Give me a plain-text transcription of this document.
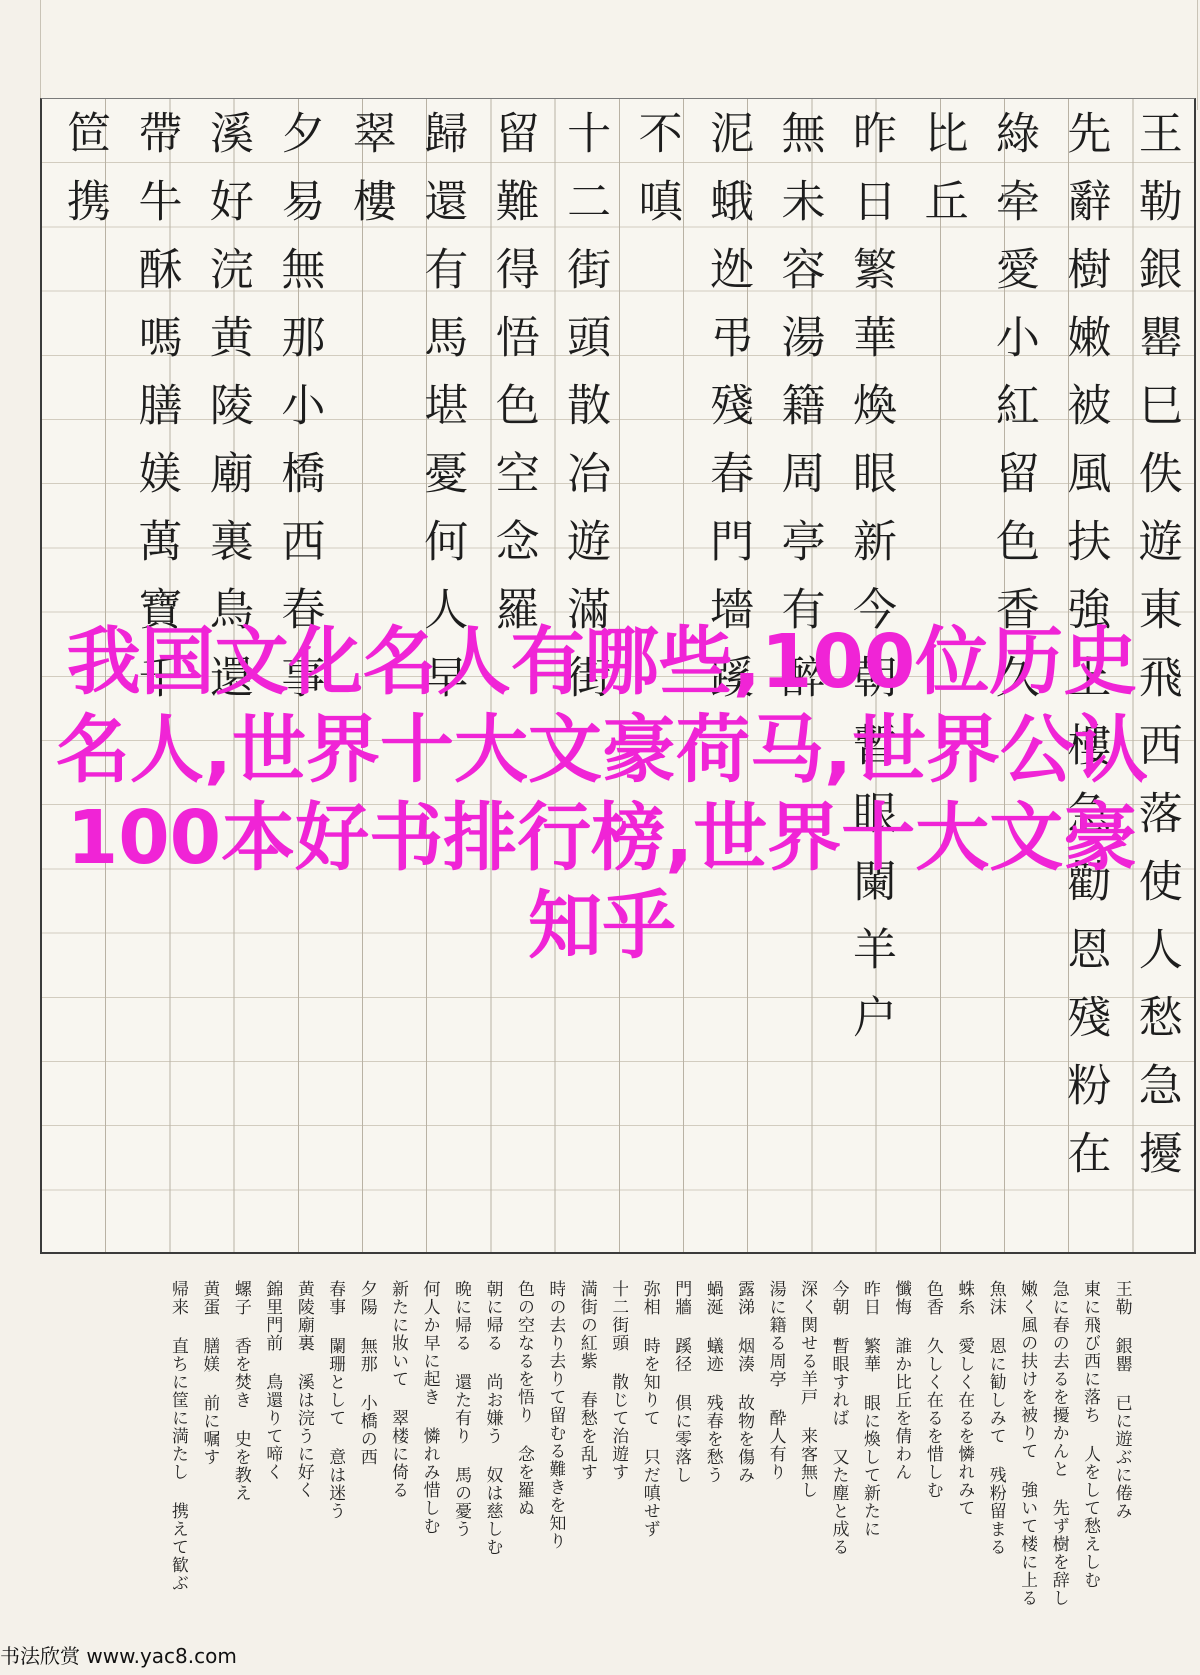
王勒銀罌巳佚遊東飛西落使人愁急擾
先辭樹嫩被風扶強上樓急勸恩殘粉在
綠牵愛小紅留色香久
比丘
昨日繁華煥眼新今朝暫眼闌羊户
無未容湯籍周亭有醉
泥蛾迯弔殘春門墻蹊
不嗔
十二街頭散冶遊滿街
留難得悟色空念羅
歸還有馬堪憂何人早
翠樓
夕易無那小橋西春事
溪好浣黄陵廟裏鳥還
帶牛酥嗎膳媄萬寶千
笸携
我国文化名人有哪些,100位历史名人,世界十大文豪荷马,世界公认100本好书排行榜,世界十大文豪 知乎
王勒 銀罌 已に遊ぶに倦み
東に飛び西に落ち 人をして愁えしむ
急に春の去るを擾かんと 先ず樹を辞し
嫩く風の扶けを被りて 強いて楼に上る
魚沫 恩に勧しみて 残粉留まる
蛛糸 愛しく在るを憐れみて
色香 久しく在るを惜しむ
懺悔 誰か比丘を倩わん
昨日 繁華 眼に煥して新たに
今朝 暫眼すれば 又た塵と成る
深く関せる羊戸 来客無し
湯に籍る周亭 酔人有り
露涕 烟湊 故物を傷み
蝸涎 蟻迹 残春を愁う
門牆 蹊径 倶に零落し
弥相 時を知りて 只だ嗔せず
十二街頭 散じて治遊す
満街の紅紫 春愁を乱す
時の去り去りて留むる難きを知り
色の空なるを悟り 念を羅ぬ
朝に帰る 尚お嫌う 奴は慈しむ
晩に帰る 還た有り 馬の憂う
何人か早に起き 憐れみ惜しむ
新たに妝いて 翠楼に倚る
夕陽 無那 小橋の西
春事 闌珊として 意は迷う
黄陵廟裏 溪は浣うに好く
錦里門前 鳥還りて啼く
螺子 香を焚き 史を教え
黄蛋 膳媄 前に嘱す
帰来 直ちに筐に満たし 携えて歓ぶ
书法欣赏 www.yac8.com
